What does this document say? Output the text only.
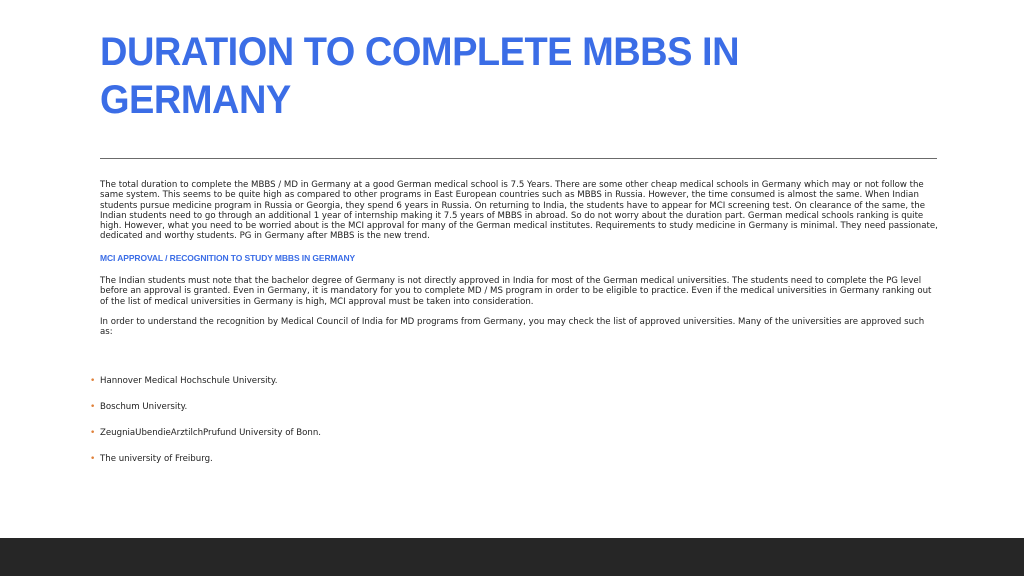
DURATION TO COMPLETE MBBS IN GERMANY

The total duration to complete the MBBS / MD in Germany at a good German medical school is 7.5 Years. There are some other cheap medical schools in Germany which may or not follow the same system. This seems to be quite high as compared to other programs in East European countries such as MBBS in Russia. However, the time consumed is almost the same. When Indian students pursue medicine program in Russia or Georgia, they spend 6 years in Russia. On returning to India, the students have to appear for MCI screening test. On clearance of the same, the Indian students need to go through an additional 1 year of internship making it 7.5 years of MBBS in abroad. So do not worry about the duration part. German medical schools ranking is quite high. However, what you need to be worried about is the MCI approval for many of the German medical institutes. Requirements to study medicine in Germany is minimal. They need passionate, dedicated and worthy students. PG in Germany after MBBS is the new trend.

MCI APPROVAL / RECOGNITION TO STUDY MBBS IN GERMANY

The Indian students must note that the bachelor degree of Germany is not directly approved in India for most of the German medical universities. The students need to complete the PG level before an approval is granted. Even in Germany, it is mandatory for you to complete MD / MS program in order to be eligible to practice. Even if the medical universities in Germany ranking out of the list of medical universities in Germany is high, MCI approval must be taken into consideration.

In order to understand the recognition by Medical Council of India for MD programs from Germany, you may check the list of approved universities. Many of the universities are approved such as:

• Hannover Medical Hochschule University.
• Boschum University.
• ZeugniaUbendieArztilchPrufund University of Bonn.
• The university of Freiburg.
